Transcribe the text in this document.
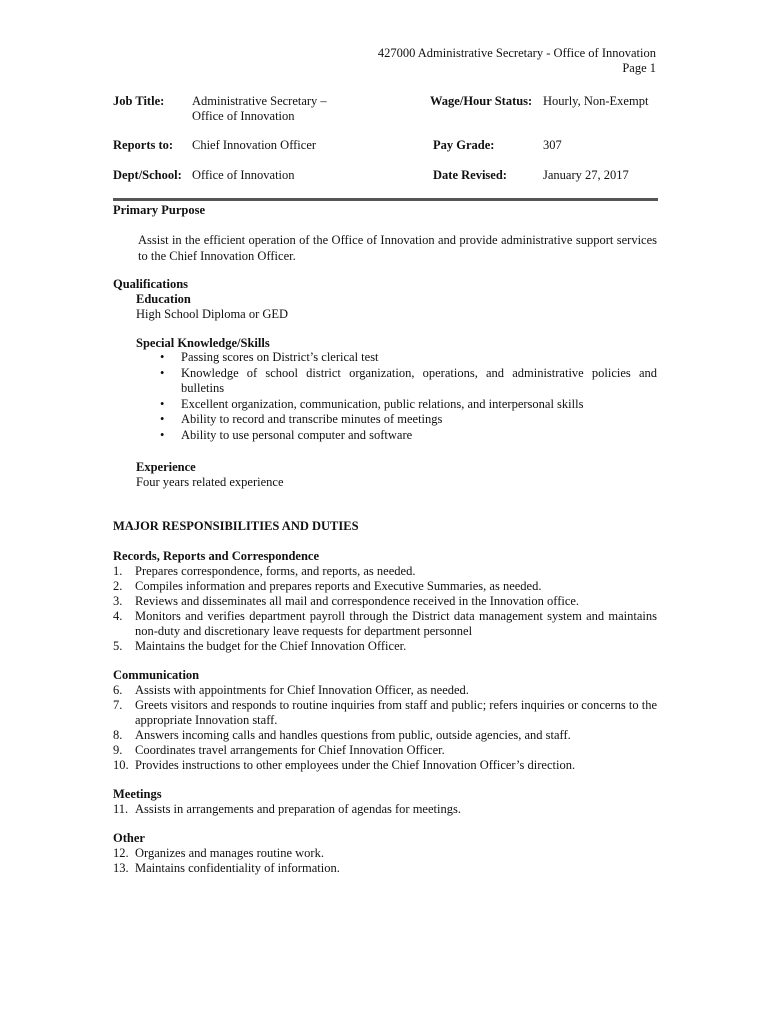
427000 Administrative Secretary - Office of Innovation
Page 1
Job Title: Administrative Secretary –
Office of Innovation
Wage/Hour Status: Hourly, Non-Exempt
Reports to: Chief Innovation Officer	Pay Grade:	307
Dept/School: Office of Innovation	Date Revised:	January 27, 2017
Primary Purpose

Assist in the efficient operation of the Office of Innovation and provide administrative support services to the Chief Innovation Officer.

Qualifications
Education
High School Diploma or GED
Special Knowledge/Skills
• Passing scores on District’s clerical test
• Knowledge of school district organization, operations, and administrative policies and bulletins
• Excellent organization, communication, public relations, and interpersonal skills
• Ability to record and transcribe minutes of meetings
• Ability to use personal computer and software
Experience
Four years related experience
MAJOR RESPONSIBILITIES AND DUTIES
Records, Reports and Correspondence
1. Prepares correspondence, forms, and reports, as needed.
2. Compiles information and prepares reports and Executive Summaries, as needed.
3. Reviews and disseminates all mail and correspondence received in the Innovation office.
4. Monitors and verifies department payroll through the District data management system and maintains non-duty and discretionary leave requests for department personnel
5. Maintains the budget for the Chief Innovation Officer.
Communication
6. Assists with appointments for Chief Innovation Officer, as needed.
7. Greets visitors and responds to routine inquiries from staff and public; refers inquiries or concerns to the appropriate Innovation staff.
8. Answers incoming calls and handles questions from public, outside agencies, and staff.
9. Coordinates travel arrangements for Chief Innovation Officer.
10. Provides instructions to other employees under the Chief Innovation Officer’s direction.
Meetings
11. Assists in arrangements and preparation of agendas for meetings.
Other
12. Organizes and manages routine work.
13. Maintains confidentiality of information.
